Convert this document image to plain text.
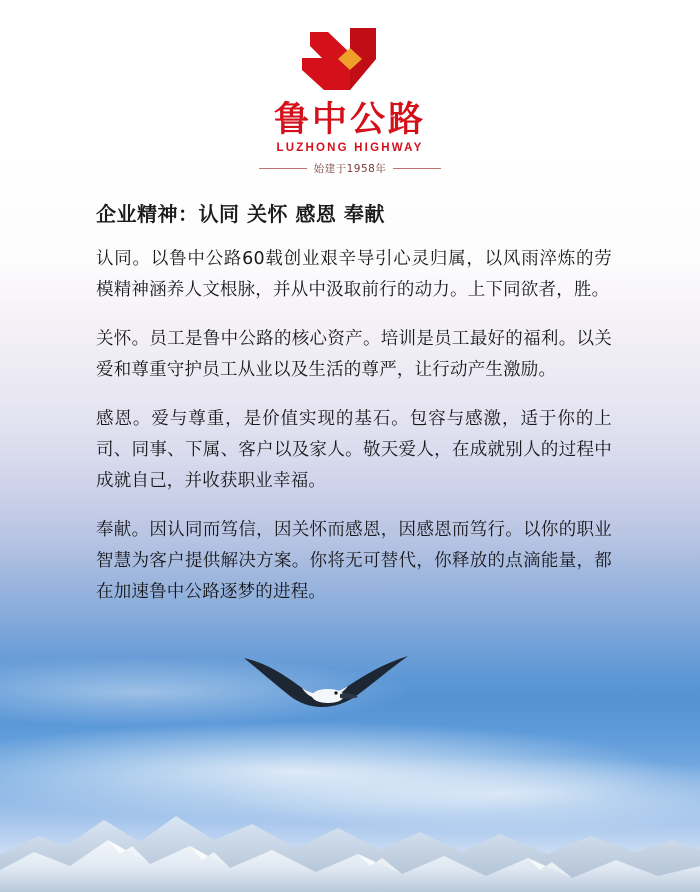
鲁中公路
LUZHONG HIGHWAY
始建于1958年
企业精神：认同 关怀 感恩 奉献

认同。以鲁中公路60载创业艰辛导引心灵归属，以风雨淬炼的劳模精神涵养人文根脉，并从中汲取前行的动力。上下同欲者，胜。

关怀。员工是鲁中公路的核心资产。培训是员工最好的福利。以关爱和尊重守护员工从业以及生活的尊严，让行动产生激励。

感恩。爱与尊重，是价值实现的基石。包容与感激，适于你的上司、同事、下属、客户以及家人。敬天爱人，在成就别人的过程中成就自己，并收获职业幸福。

奉献。因认同而笃信，因关怀而感恩，因感恩而笃行。以你的职业智慧为客户提供解决方案。你将无可替代，你释放的点滴能量，都在加速鲁中公路逐梦的进程。
